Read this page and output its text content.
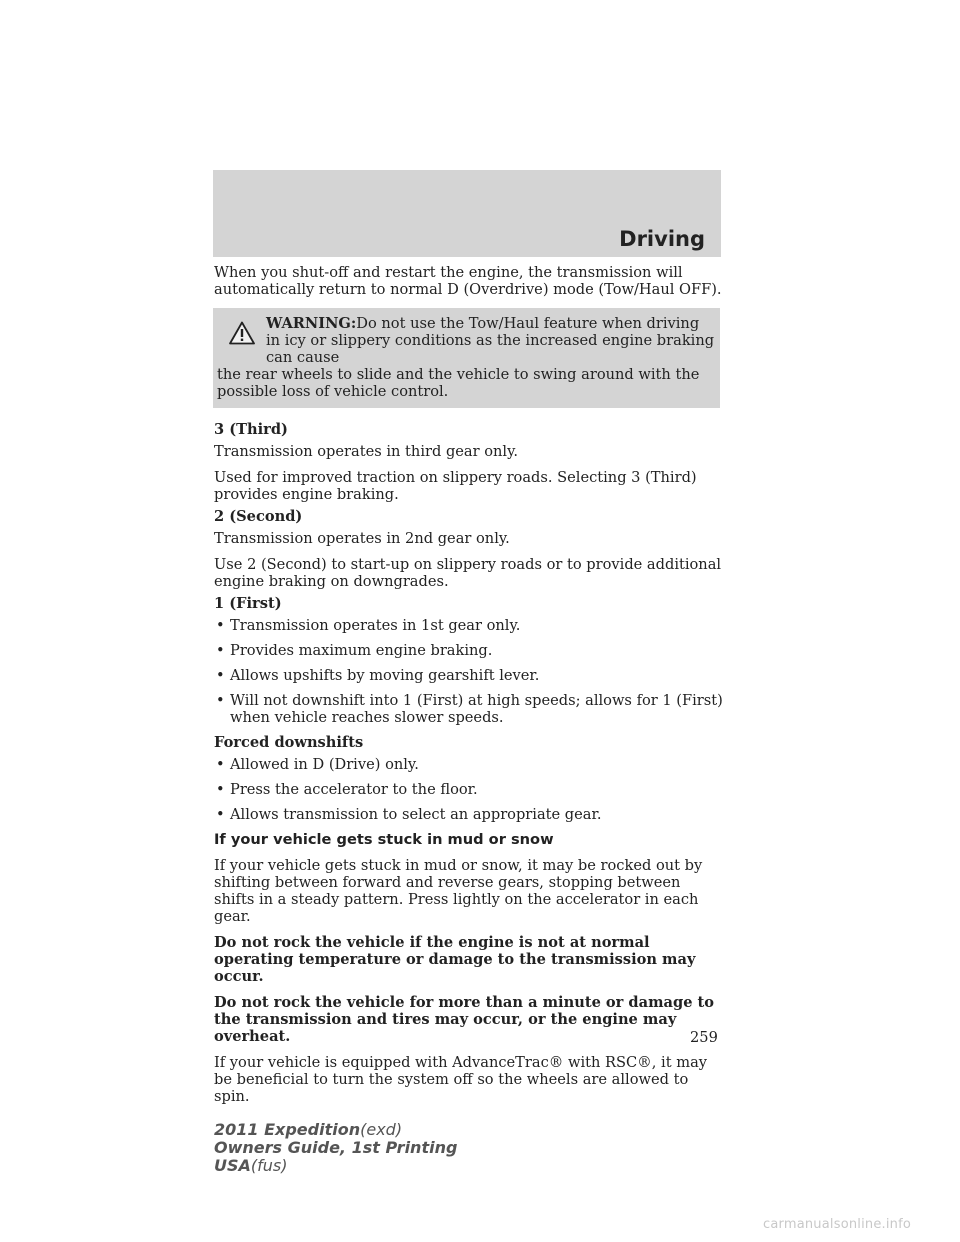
Driving

When you shut-off and restart the engine, the transmission will automatically return to normal D (Overdrive) mode (Tow/Haul OFF).

WARNING:Do not use the Tow/Haul feature when driving in icy or slippery conditions as the increased engine braking can cause
the rear wheels to slide and the vehicle to swing around with the possible loss of vehicle control.

3 (Third)

Transmission operates in third gear only.

Used for improved traction on slippery roads. Selecting 3 (Third) provides engine braking.

2 (Second)

Transmission operates in 2nd gear only.

Use 2 (Second) to start-up on slippery roads or to provide additional engine braking on downgrades.

1 (First)

• Transmission operates in 1st gear only.
• Provides maximum engine braking.
• Allows upshifts by moving gearshift lever.
• Will not downshift into 1 (First) at high speeds; allows for 1 (First) when vehicle reaches slower speeds.

Forced downshifts

• Allowed in D (Drive) only.
• Press the accelerator to the floor.
• Allows transmission to select an appropriate gear.

If your vehicle gets stuck in mud or snow

If your vehicle gets stuck in mud or snow, it may be rocked out by shifting between forward and reverse gears, stopping between shifts in a steady pattern. Press lightly on the accelerator in each gear.

Do not rock the vehicle if the engine is not at normal operating temperature or damage to the transmission may occur.

Do not rock the vehicle for more than a minute or damage to the transmission and tires may occur, or the engine may overheat.

If your vehicle is equipped with AdvanceTrac® with RSC®, it may be beneficial to turn the system off so the wheels are allowed to spin.

259
2011 Expedition(exd)
Owners Guide, 1st Printing
USA(fus)
carmanualsonline.info
